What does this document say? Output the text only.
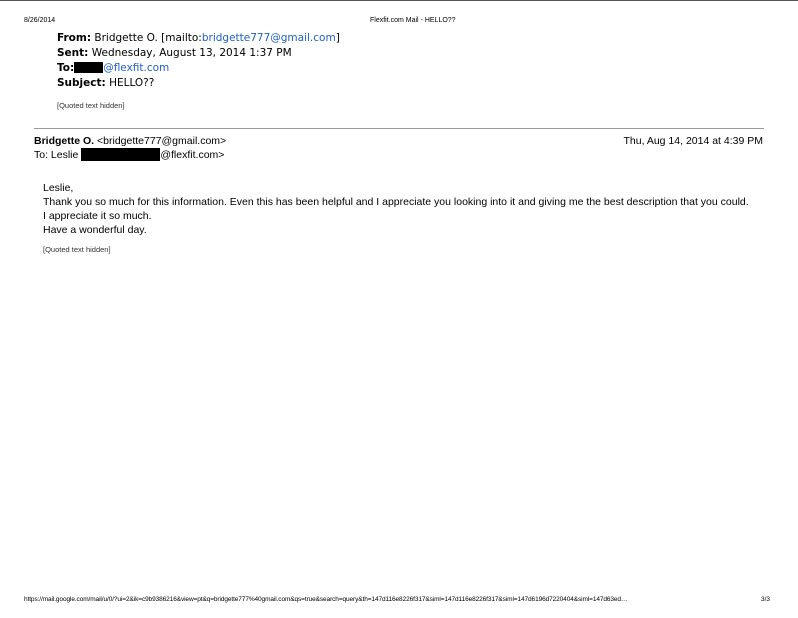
8/26/2014	Flexfit.com Mail - HELLO??
From: Bridgette O. [mailto:bridgette777@gmail.com]
Sent: Wednesday, August 13, 2014 1:37 PM
To:	@flexfit.com
Subject: HELLO??
[Quoted text hidden]
Bridgette O. <bridgette777@gmail.com>
To: Leslie	@flexfit.com>
Thu, Aug 14, 2014 at 4:39 PM
Leslie,
Thank you so much for this information. Even this has been helpful and I appreciate you looking into it and giving me the best description that you could.
I appreciate it so much.
Have a wonderful day.
[Quoted text hidden]
https://mail.google.com/mail/u/0/?ui=2&ik=c9b9386216&view=pt&q=bridgette777%40gmail.com&qs=true&search=query&th=147d116e8226f317&siml=147d116e8226f317&siml=147d6196d7220404&siml=147d63ed…	3/3
